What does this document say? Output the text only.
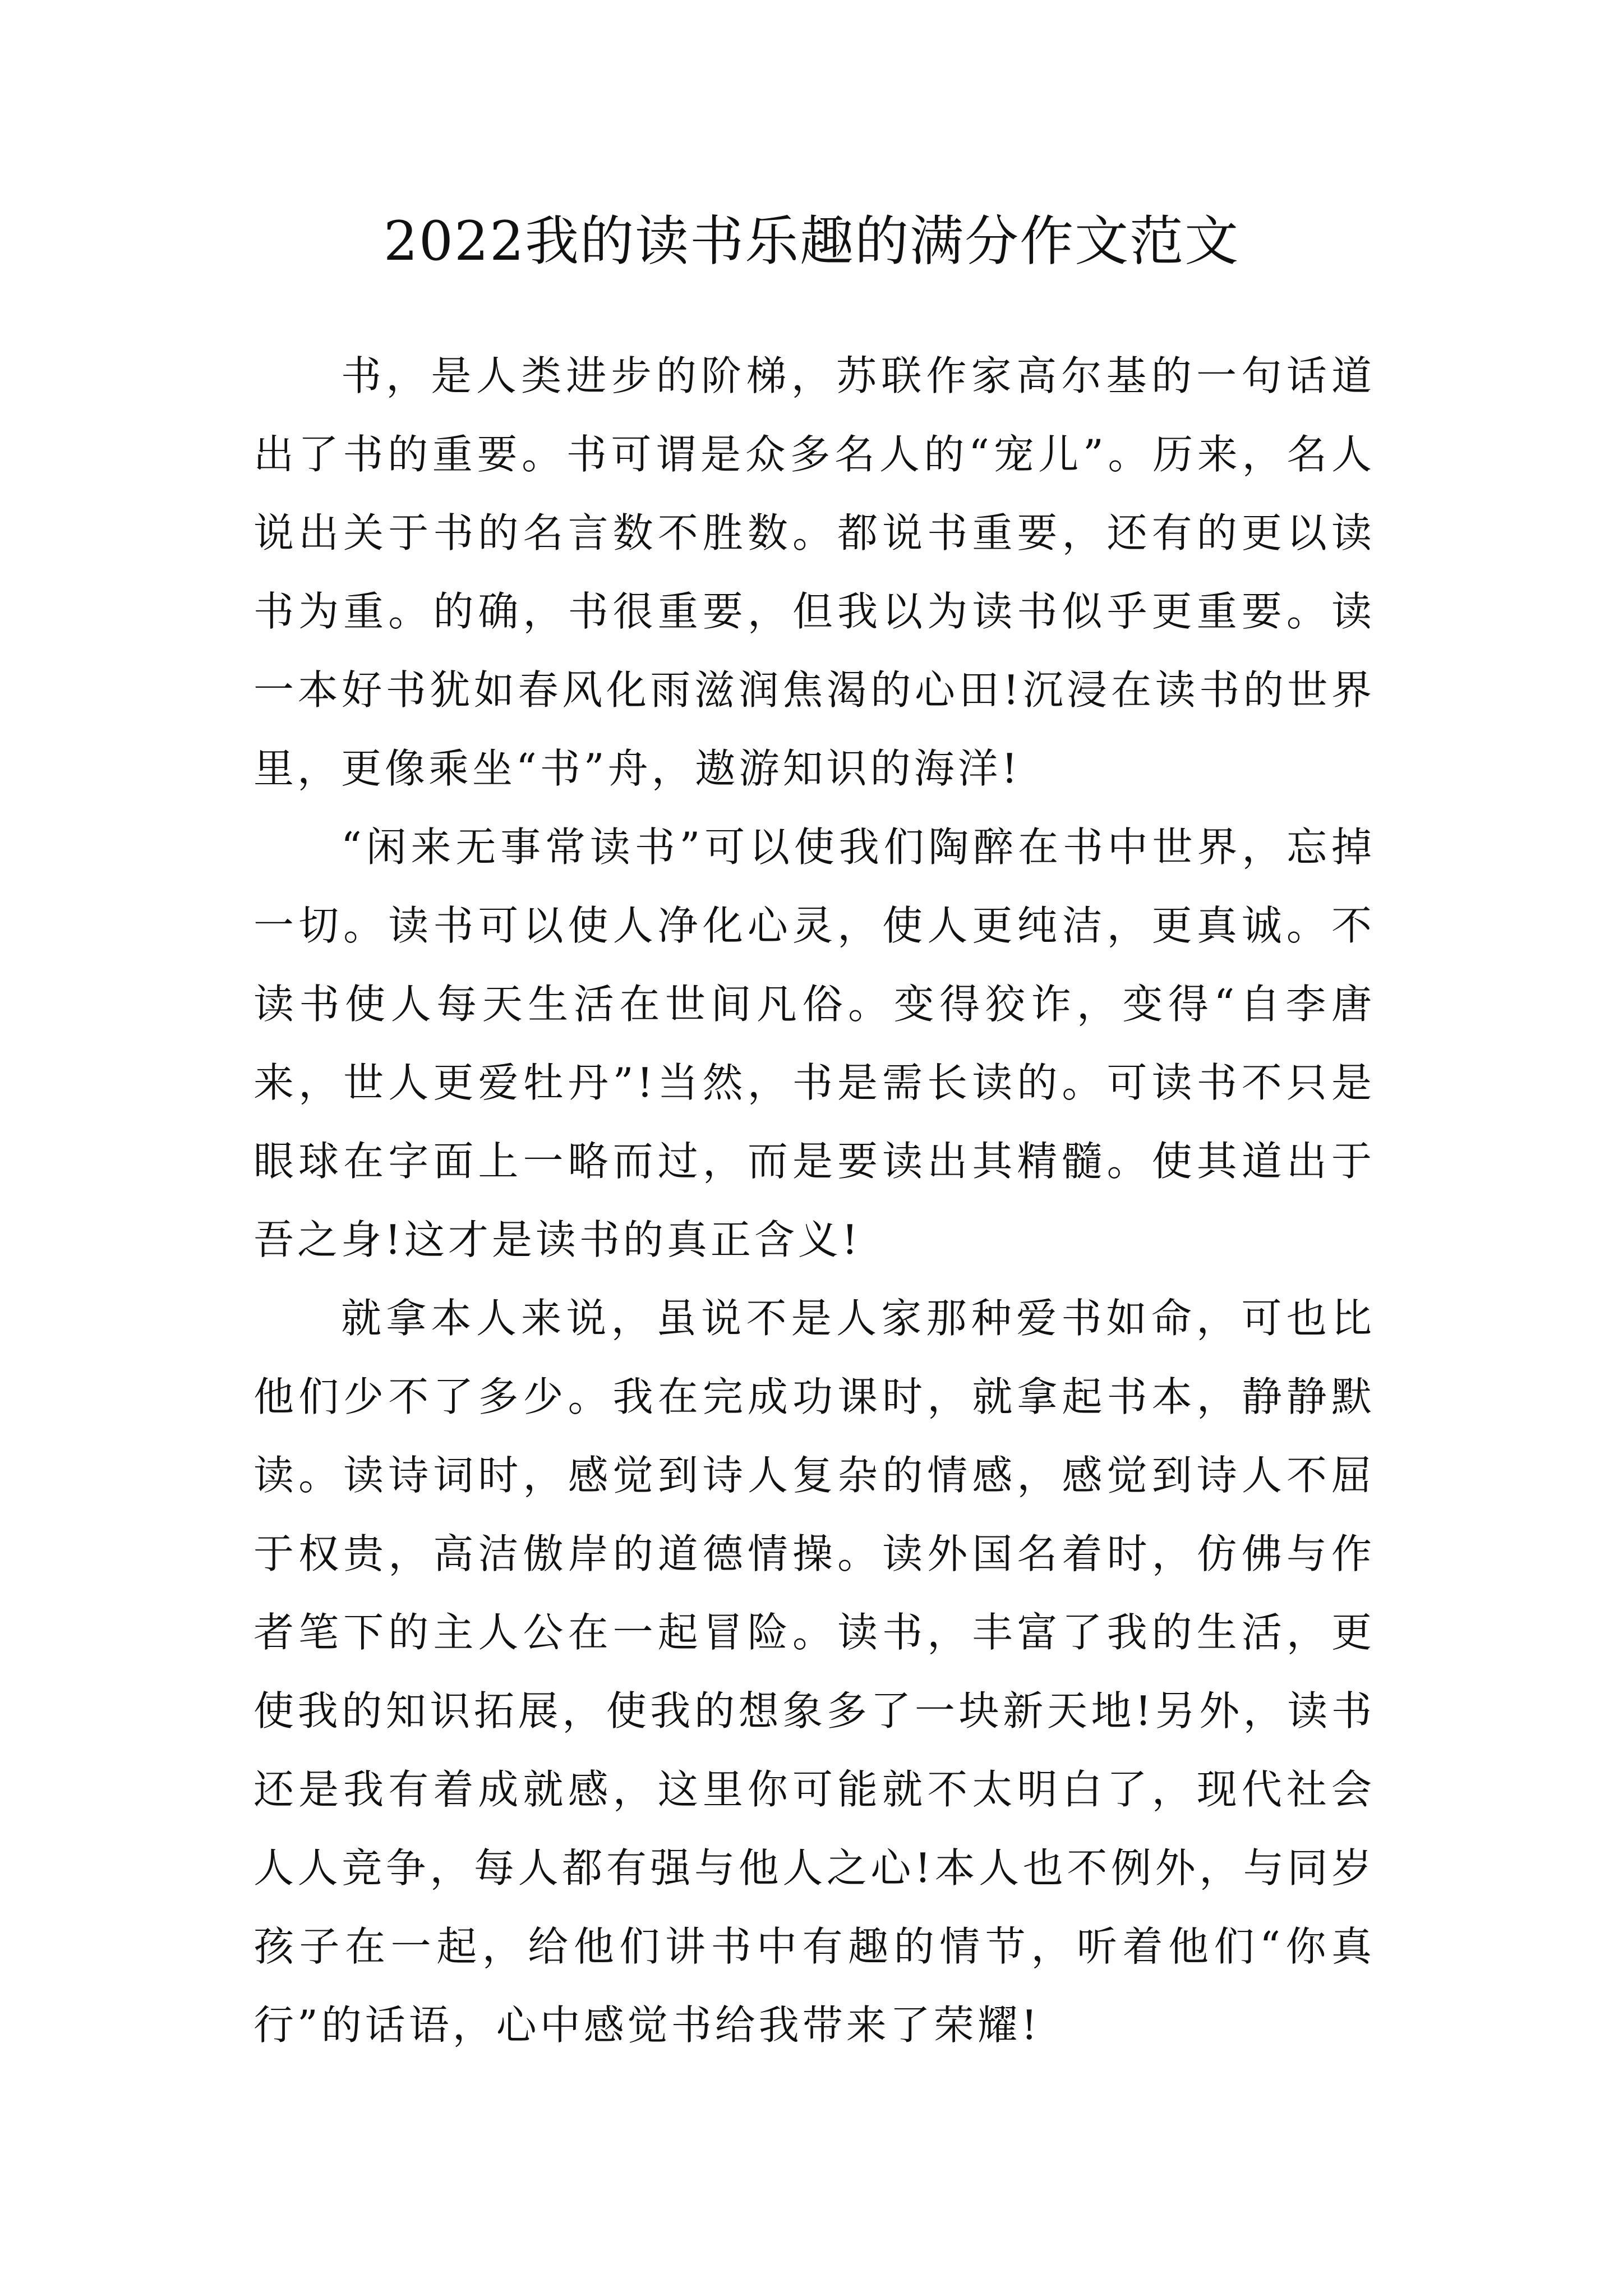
2022我的读书乐趣的满分作文范文

书，是人类进步的阶梯，苏联作家高尔基的一句话道出了书的重要。书可谓是众多名人的“宠儿”。历来，名人说出关于书的名言数不胜数。都说书重要，还有的更以读书为重。的确，书很重要，但我以为读书似乎更重要。读一本好书犹如春风化雨滋润焦渴的心田!沉浸在读书的世界里，更像乘坐“书”舟，遨游知识的海洋!

“闲来无事常读书”可以使我们陶醉在书中世界，忘掉一切。读书可以使人净化心灵，使人更纯洁，更真诚。不读书使人每天生活在世间凡俗。变得狡诈，变得“自李唐来，世人更爱牡丹”!当然，书是需长读的。可读书不只是眼球在字面上一略而过，而是要读出其精髓。使其道出于吾之身!这才是读书的真正含义!

就拿本人来说，虽说不是人家那种爱书如命，可也比他们少不了多少。我在完成功课时，就拿起书本，静静默读。读诗词时，感觉到诗人复杂的情感，感觉到诗人不屈于权贵，高洁傲岸的道德情操。读外国名着时，仿佛与作者笔下的主人公在一起冒险。读书，丰富了我的生活，更使我的知识拓展，使我的想象多了一块新天地!另外，读书还是我有着成就感，这里你可能就不太明白了，现代社会人人竞争，每人都有强与他人之心!本人也不例外，与同岁孩子在一起，给他们讲书中有趣的情节，听着他们“你真行”的话语，心中感觉书给我带来了荣耀!
